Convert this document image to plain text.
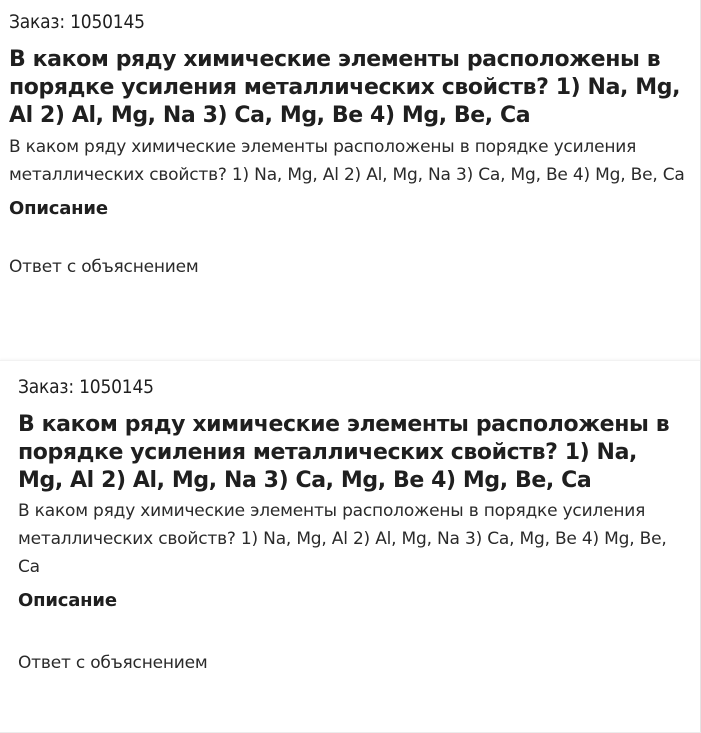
Заказ: 1050145
В каком ряду химические элементы расположены в порядке усиления металлических свойств? 1) Na, Mg, Al 2) Al, Mg, Na 3) Ca, Mg, Be 4) Mg, Be, Ca

В каком ряду химические элементы расположены в порядке усиления металлических свойств? 1) Na, Mg, Al 2) Al, Mg, Na 3) Ca, Mg, Be 4) Mg, Be, Ca

Описание
Ответ с объяснением
Заказ: 1050145
В каком ряду химические элементы расположены в порядке усиления металлических свойств? 1) Na, Mg, Al 2) Al, Mg, Na 3) Ca, Mg, Be 4) Mg, Be, Ca

В каком ряду химические элементы расположены в порядке усиления металлических свойств? 1) Na, Mg, Al 2) Al, Mg, Na 3) Ca, Mg, Be 4) Mg, Be, Ca

Описание
Ответ с объяснением
